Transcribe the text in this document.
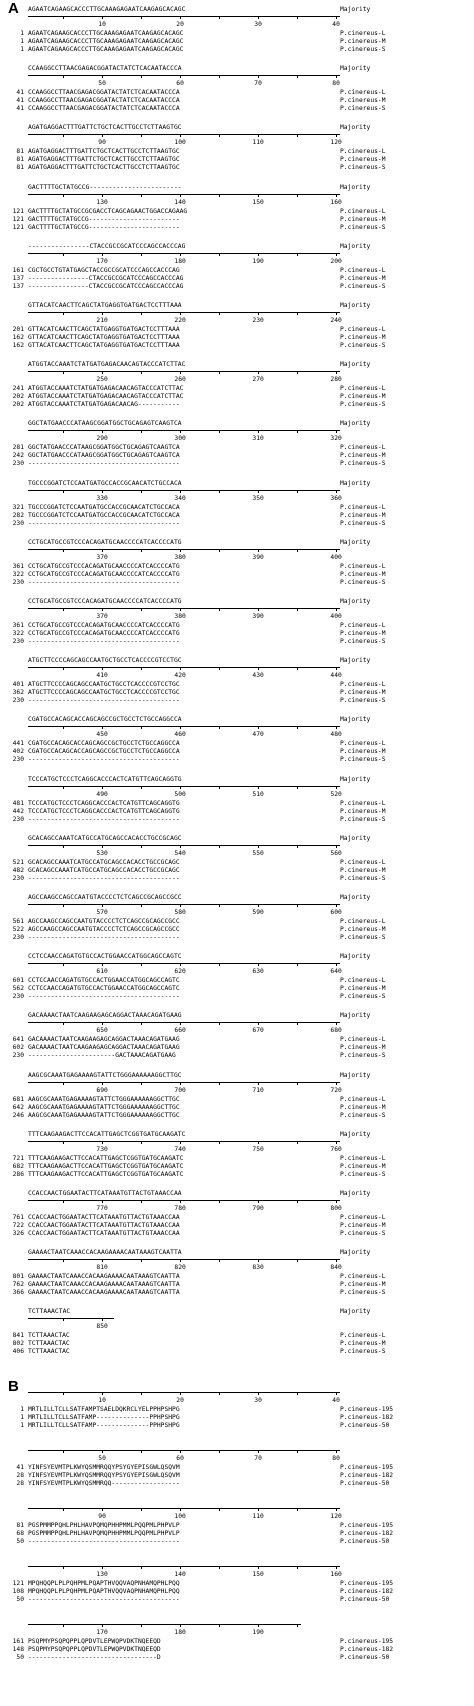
A AGAATCAGAAGCACCCTTGCAAAGAGAATCAAGAGCACAGC	Majority
10	20	30	40
1 AGAATCAGAAGCACCCTTGCAAAGAGAATCAAGAGCACAGC	P.cinereus-L
1 AGAATCAGAAGCACCCTTGCAAAGAGAATCAAGAGCACAGC	P.cinereus-M
1 AGAATCAGAAGCACCCTTGCAAAGAGAATCAAGAGCACAGC	P.cinereus-S
CCAAGGCCTTAACGAGACGGATACTATCTCACAATACCCA	Majority
50	60	70	80
41 CCAAGGCCTTAACGAGACGGATACTATCTCACAATACCCA	P.cinereus-L
41 CCAAGGCCTTAACGAGACGGATACTATCTCACAATACCCA	P.cinereus-M
41 CCAAGGCCTTAACGAGACGGATACTATCTCACAATACCCA	P.cinereus-S
AGATGAGGACTTTGATTCTGCTCACTTGCCTCTTAAGTGC	Majority
90	100	110	120
81 AGATGAGGACTTTGATTCTGCTCACTTGCCTCTTAAGTGC	P.cinereus-L
81 AGATGAGGACTTTGATTCTGCTCACTTGCCTCTTAAGTGC	P.cinereus-M
81 AGATGAGGACTTTGATTCTGCTCACTTGCCTCTTAAGTGC	P.cinereus-S
GACTTTTGCTATGCCG------------------------	Majority
130	140	150	160
121 GACTTTTGCTATGCCGCGACCTCAGCAGAACTGGACCAGAAG	P.cinereus-L
121 GACTTTTGCTATGCCG------------------------	P.cinereus-M
121 GACTTTTGCTATGCCG------------------------	P.cinereus-S
----------------CTACCGCCGCATCCCAGCCACCCAG	Majority
170	180	190	200
161 CGCTGCCTGTATGAGCTACCGCCGCATCCCAGCCACCCAG	P.cinereus-L
137 ----------------CTACCGCCGCATCCCAGCCACCCAG	P.cinereus-M
137 ----------------CTACCGCCGCATCCCAGCCACCCAG	P.cinereus-S
GTTACATCAACTTCAGCTATGAGGTGATGACTCCTTTAAA	Majority
210	220	230	240
201 GTTACATCAACTTCAGCTATGAGGTGATGACTCCTTTAAA	P.cinereus-L
162 GTTACATCAACTTCAGCTATGAGGTGATGACTCCTTTAAA	P.cinereus-M
162 GTTACATCAACTTCAGCTATGAGGTGATGACTCCTTTAAA	P.cinereus-S
ATGGTACCAAATCTATGATGAGACAACAGTACCCATCTTAC	Majority
250	260	270	280
241 ATGGTACCAAATCTATGATGAGACAACAGTACCCATCTTAC	P.cinereus-L
202 ATGGTACCAAATCTATGATGAGACAACAGTACCCATCTTAC	P.cinereus-M
202 ATGGTACCAAATCTATGATGAGACAACAG-----------	P.cinereus-S
GGCTATGAACCCATAAGCGGATGGCTGCAGAGTCAAGTCA	Majority
290	300	310	320
281 GGCTATGAACCCATAAGCGGATGGCTGCAGAGTCAAGTCA	P.cinereus-L
242 GGCTATGAACCCATAAGCGGATGGCTGCAGAGTCAAGTCA	P.cinereus-M
230 ----------------------------------------	P.cinereus-S
TGCCCGGATCTCCAATGATGCCACCGCAACATCTGCCACA	Majority
330	340	350	360
321 TGCCCGGATCTCCAATGATGCCACCGCAACATCTGCCACA	P.cinereus-L
282 TGCCCGGATCTCCAATGATGCCACCGCAACATCTGCCACA	P.cinereus-M
230 ----------------------------------------	P.cinereus-S
CCTGCATGCCGTCCCACAGATGCAACCCCATCACCCCATG	Majority
370	380	390	400
361 CCTGCATGCCGTCCCACAGATGCAACCCCATCACCCCATG	P.cinereus-L
322 CCTGCATGCCGTCCCACAGATGCAACCCCATCACCCCATG	P.cinereus-M
230 ----------------------------------------	P.cinereus-S
CCTGCATGCCGTCCCACAGATGCAACCCCATCACCCCATG	Majority
370	380	390	400
361 CCTGCATGCCGTCCCACAGATGCAACCCCATCACCCCATG	P.cinereus-L
322 CCTGCATGCCGTCCCACAGATGCAACCCCATCACCCCATG	P.cinereus-M
230 ----------------------------------------	P.cinereus-S
ATGCTTCCCCAGCAGCCAATGCTGCCTCACCCCGTCCTGC	Majority
410	420	430	440
401 ATGCTTCCCCAGCAGCCAATGCTGCCTCACCCCGTCCTGC	P.cinereus-L
362 ATGCTTCCCCAGCAGCCAATGCTGCCTCACCCCGTCCTGC	P.cinereus-M
230 ----------------------------------------	P.cinereus-S
CGATGCCACAGCACCAGCAGCCGCTGCCTCTGCCAGGCCA	Majority
450	460	470	480
441 CGATGCCACAGCACCAGCAGCCGCTGCCTCTGCCAGGCCA	P.cinereus-L
402 CGATGCCACAGCACCAGCAGCCGCTGCCTCTGCCAGGCCA	P.cinereus-M
230 ----------------------------------------	P.cinereus-S
TCCCATGCTCCCTCAGGCACCCACTCATGTTCAGCAGGTG	Majority
490	500	510	520
481 TCCCATGCTCCCTCAGGCACCCACTCATGTTCAGCAGGTG	P.cinereus-L
442 TCCCATGCTCCCTCAGGCACCCACTCATGTTCAGCAGGTG	P.cinereus-M
230 ----------------------------------------	P.cinereus-S
GCACAGCCAAATCATGCCATGCAGCCACACCTGCCGCAGC	Majority
530	540	550	560
521 GCACAGCCAAATCATGCCATGCAGCCACACCTGCCGCAGC	P.cinereus-L
482 GCACAGCCAAATCATGCCATGCAGCCACACCTGCCGCAGC	P.cinereus-M
230 ----------------------------------------	P.cinereus-S
AGCCAAGCCAGCCAATGTACCCCTCTCAGCCGCAGCCGCC	Majority
570	580	590	600
561 AGCCAAGCCAGCCAATGTACCCCTCTCAGCCGCAGCCGCC	P.cinereus-L
522 AGCCAAGCCAGCCAATGTACCCCTCTCAGCCGCAGCCGCC	P.cinereus-M
230 ----------------------------------------	P.cinereus-S
CCTCCAACCAGATGTGCCACTGGAACCATGGCAGCCAGTC	Majority
610	620	630	640
601 CCTCCAACCAGATGTGCCACTGGAACCATGGCAGCCAGTC	P.cinereus-L
562 CCTCCAACCAGATGTGCCACTGGAACCATGGCAGCCAGTC	P.cinereus-M
230 ----------------------------------------	P.cinereus-S
GACAAAACTAATCAAGAAGAGCAGGACTAAACAGATGAAG	Majority
650	660	670	680
641 GACAAAACTAATCAAGAAGAGCAGGACTAAACAGATGAAG	P.cinereus-L
602 GACAAAACTAATCAAGAAGAGCAGGACTAAACAGATGAAG	P.cinereus-M
230 -----------------------GACTAAACAGATGAAG	P.cinereus-S
AAGCGCAAATGAGAAAAGTATTCTGGGAAAAAAGGCTTGC	Majority
690	700	710	720
681 AAGCGCAAATGAGAAAAGTATTCTGGGAAAAAAGGCTTGC	P.cinereus-L
642 AAGCGCAAATGAGAAAAGTATTCTGGGAAAAAAGGCTTGC	P.cinereus-M
246 AAGCGCAAATGAGAAAAGTATTCTGGGAAAAAAGGCTTGC	P.cinereus-S
TTTCAAGAAGACTTCCACATTGAGCTCGGTGATGCAAGATC	Majority
730	740	750	760
721 TTTCAAGAAGACTTCCACATTGAGCTCGGTGATGCAAGATC	P.cinereus-L
682 TTTCAAGAAGACTTCCACATTGAGCTCGGTGATGCAAGATC	P.cinereus-M
286 TTTCAAGAAGACTTCCACATTGAGCTCGGTGATGCAAGATC	P.cinereus-S
CCACCAACTGGAATACTTCATAAATGTTACTGTAAACCAA	Majority
770	780	790	800
761 CCACCAACTGGAATACTTCATAAATGTTACTGTAAACCAA	P.cinereus-L
722 CCACCAACTGGAATACTTCATAAATGTTACTGTAAACCAA	P.cinereus-M
326 CCACCAACTGGAATACTTCATAAATGTTACTGTAAACCAA	P.cinereus-S
GAAAACTAATCAAACCACAAGAAAACAATAAAGTCAATTA	Majority
810	820	830	840
801 GAAAACTAATCAAACCACAAGAAAACAATAAAGTCAATTA	P.cinereus-L
762 GAAAACTAATCAAACCACAAGAAAACAATAAAGTCAATTA	P.cinereus-M
366 GAAAACTAATCAAACCACAAGAAAACAATAAAGTCAATTA	P.cinereus-S
TCTTAAACTAC	Majority
850
841 TCTTAAACTAC	P.cinereus-L
802 TCTTAAACTAC	P.cinereus-M
406 TCTTAAACTAC	P.cinereus-S
B
10	20	30	40
1 MRTLILLTCLLSATFAMPTSAELDQKRCLYELPPHPSHPG	P.cinereus-195
1 MRTLILLTCLLSATFAMP--------------PPHPSHPG	P.cinereus-182
1 MRTLILLTCLLSATFAMP--------------PPHPSHPG	P.cinereus-50
50	60	70	80
41 YINFSYEVMTPLKWYQSMMRQQYPSYGYEPISGWLQSQVM	P.cinereus-195
28 YINFSYEVMTPLKWYQSMMRQQYPSYGYEPISGWLQSQVM	P.cinereus-182
28 YINFSYEVMTPLKWYQSMMRQQ------------------	P.cinereus-50
90	100	110	120
81 PGSPMMPPQHLPHLHAVPQMQPHHPMMLPQQPMLPHPVLP	P.cinereus-195
68 PGSPMMPPQHLPHLHAVPQMQPHHPMMLPQQPMLPHPVLP	P.cinereus-182
50 ----------------------------------------	P.cinereus-50
130	140	150	160
121 MPQHQQPLPLPQHPMLPQAPTHVQQVAQPNHAMQPHLPQQ	P.cinereus-195
108 MPQHQQPLPLPQHPMLPQAPTHVQQVAQPNHAMQPHLPQQ	P.cinereus-182
50 ----------------------------------------	P.cinereus-50
170	180	190
161 PSQPMYPSQPQPPLQPDVTLEPWQPVDKTNQEEQD	P.cinereus-195
148 PSQPMYPSQPQPPLQPDVTLEPWQPVDKTNQEEQD	P.cinereus-182
50 ----------------------------------D	P.cinereus-50
